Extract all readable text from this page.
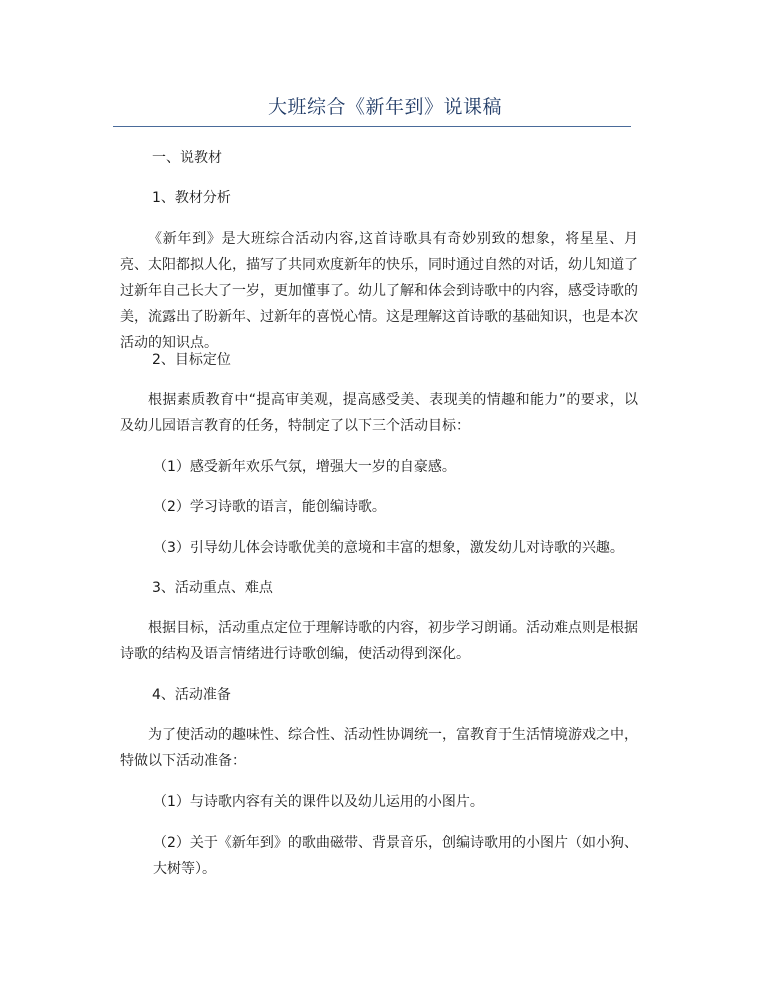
大班综合《新年到》说课稿
一、说教材
1、教材分析
《新年到》是大班综合活动内容,这首诗歌具有奇妙别致的想象，将星星、月亮、太阳都拟人化，描写了共同欢度新年的快乐，同时通过自然的对话，幼儿知道了过新年自己长大了一岁，更加懂事了。幼儿了解和体会到诗歌中的内容，感受诗歌的美，流露出了盼新年、过新年的喜悦心情。这是理解这首诗歌的基础知识，也是本次活动的知识点。
2、目标定位
根据素质教育中“提高审美观，提高感受美、表现美的情趣和能力”的要求，以及幼儿园语言教育的任务，特制定了以下三个活动目标：
（1）感受新年欢乐气氛，增强大一岁的自豪感。
（2）学习诗歌的语言，能创编诗歌。
（3）引导幼儿体会诗歌优美的意境和丰富的想象，激发幼儿对诗歌的兴趣。
3、活动重点、难点
根据目标，活动重点定位于理解诗歌的内容，初步学习朗诵。活动难点则是根据诗歌的结构及语言情绪进行诗歌创编，使活动得到深化。
4、活动准备
为了使活动的趣味性、综合性、活动性协调统一，富教育于生活情境游戏之中，特做以下活动准备：
（1）与诗歌内容有关的课件以及幼儿运用的小图片。
（2）关于《新年到》的歌曲磁带、背景音乐，创编诗歌用的小图片（如小狗、大树等）。
